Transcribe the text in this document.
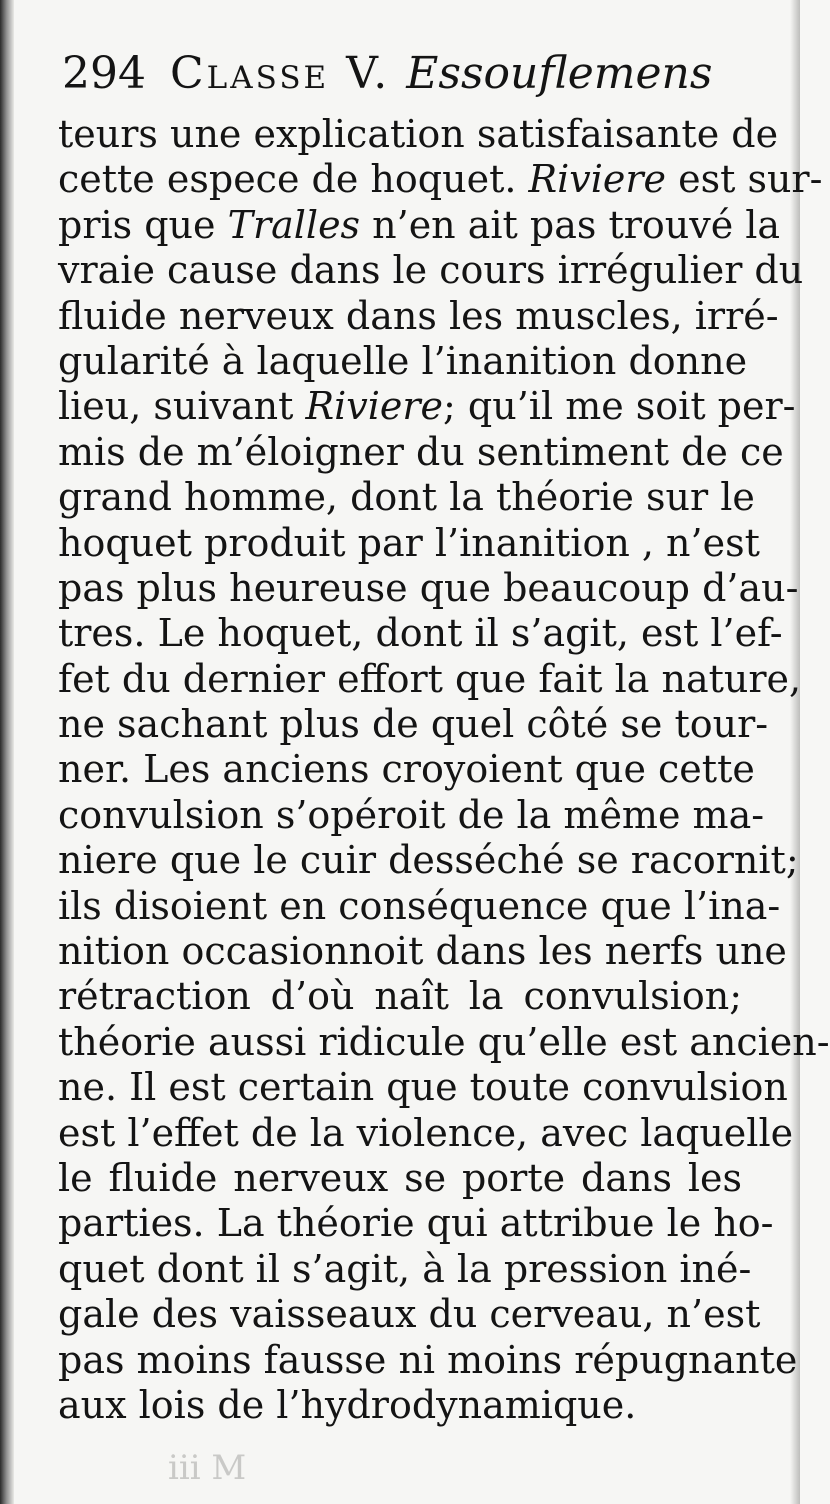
294 Classe V. Essouflemens
teurs une explication satisfaisante de
cette espece de hoquet. Riviere est sur-
pris que Tralles n’en ait pas trouvé la
vraie cause dans le cours irrégulier du
fluide nerveux dans les muscles, irré-
gularité à laquelle l’inanition donne
lieu, suivant Riviere; qu’il me soit per-
mis de m’éloigner du sentiment de ce
grand homme, dont la théorie sur le
hoquet produit par l’inanition , n’est
pas plus heureuse que beaucoup d’au-
tres. Le hoquet, dont il s’agit, est l’ef-
fet du dernier effort que fait la nature,
ne sachant plus de quel côté se tour-
ner. Les anciens croyoient que cette
convulsion s’opéroit de la même ma-
niere que le cuir desséché se racornit;
ils disoient en conséquence que l’ina-
nition occasionnoit dans les nerfs une
rétraction d’où naît la convulsion;
théorie aussi ridicule qu’elle est ancien-
ne. Il est certain que toute convulsion
est l’effet de la violence, avec laquelle
le fluide nerveux se porte dans les
parties. La théorie qui attribue le ho-
quet dont il s’agit, à la pression iné-
gale des vaisseaux du cerveau, n’est
pas moins fausse ni moins répugnante
aux lois de l’hydrodynamique.
iii M
